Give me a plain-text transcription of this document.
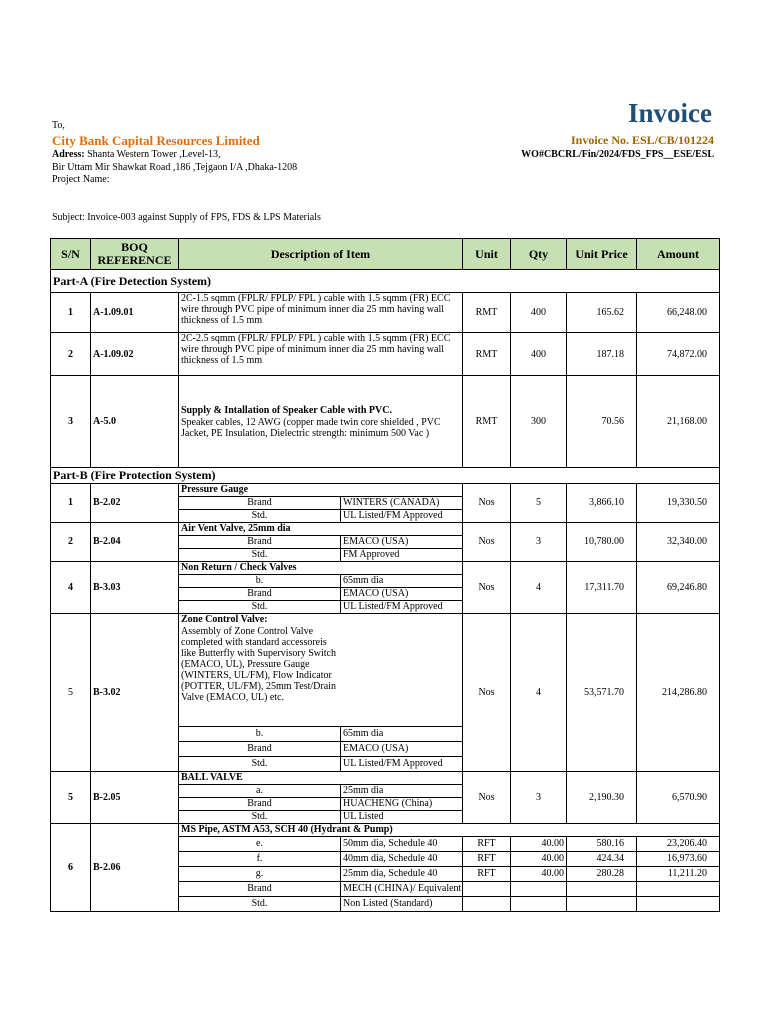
Invoice
To,
City Bank Capital Resources Limited	Invoice No. ESL/CB/101224
Adress: Shanta Western Tower ,Level-13,	WO#CBCRL/Fin/2024/FDS_FPS__ESE/ESL
Bir Uttam Mir Shawkat Road ,186 ,Tejgaon I/A ,Dhaka-1208
Project Name:
Subject: Invoice-003 against Supply of FPS, FDS & LPS Materials
S/N	BOQ REFERENCE	Description of Item		Unit	Qty	Unit Price	Amount
Part-A (Fire Detection System)							
1	A-1.09.01	2C-1.5 sqmm (FPLR/ FPLP/ FPL ) cable with 1.5 sqmm (FR) ECC wire through PVC pipe of minimum inner dia 25 mm having wall thickness of 1.5 mm		RMT	400	165.62	66,248.00
2	A-1.09.02	2C-2.5 sqmm (FPLR/ FPLP/ FPL ) cable with 1.5 sqmm (FR) ECC wire through PVC pipe of minimum inner dia 25 mm having wall thickness of 1.5 mm		RMT	400	187.18	74,872.00
3	A-5.0	Supply & Intallation of Speaker Cable with PVC.
Speaker cables, 12 AWG (copper made twin core shielded , PVC Jacket, PE Insulation, Dielectric strength: minimum 500 Vac )		RMT	300	70.56	21,168.00
Part-B (Fire Protection System)							
1	B-2.02	Pressure Gauge		Nos	5	3,866.10	19,330.50
		Brand	WINTERS (CANADA)				
		Std.	UL Listed/FM Approved				
2	B-2.04	Air Vent Valve, 25mm dia		Nos	3	10,780.00	32,340.00
		Brand	EMACO (USA)				
		Std.	FM Approved				
4	B-3.03	Non Return / Check Valves		Nos	4	17,311.70	69,246.80
		b.	65mm dia				
		Brand	EMACO (USA)				
		Std.	UL Listed/FM Approved				
5	B-3.02	Zone Control Valve:
Assembly of Zone Control Valve completed with standard accessoreis like Butterfly with Supervisory Switch (EMACO, UL), Pressure Gauge (WINTERS, UL/FM), Flow Indicator (POTTER, UL/FM), 25mm Test/Drain Valve (EMACO, UL) etc.		Nos	4	53,571.70	214,286.80
		b.	65mm dia				
		Brand	EMACO (USA)				
		Std.	UL Listed/FM Approved				
5	B-2.05	BALL VALVE		Nos	3	2,190.30	6,570.90
		a.	25mm dia				
		Brand	HUACHENG (China)				
		Std.	UL Listed				
6	B-2.06	MS Pipe, ASTM A53, SCH 40 (Hydrant & Pump)					
		e.	50mm dia, Schedule 40	RFT	40.00	580.16	23,206.40
		f.	40mm dia, Schedule 40	RFT	40.00	424.34	16,973.60
		g.	25mm dia, Schedule 40	RFT	40.00	280.28	11,211.20
		Brand	MECH (CHINA)/ Equivalent				
		Std.	Non Listed (Standard)				
